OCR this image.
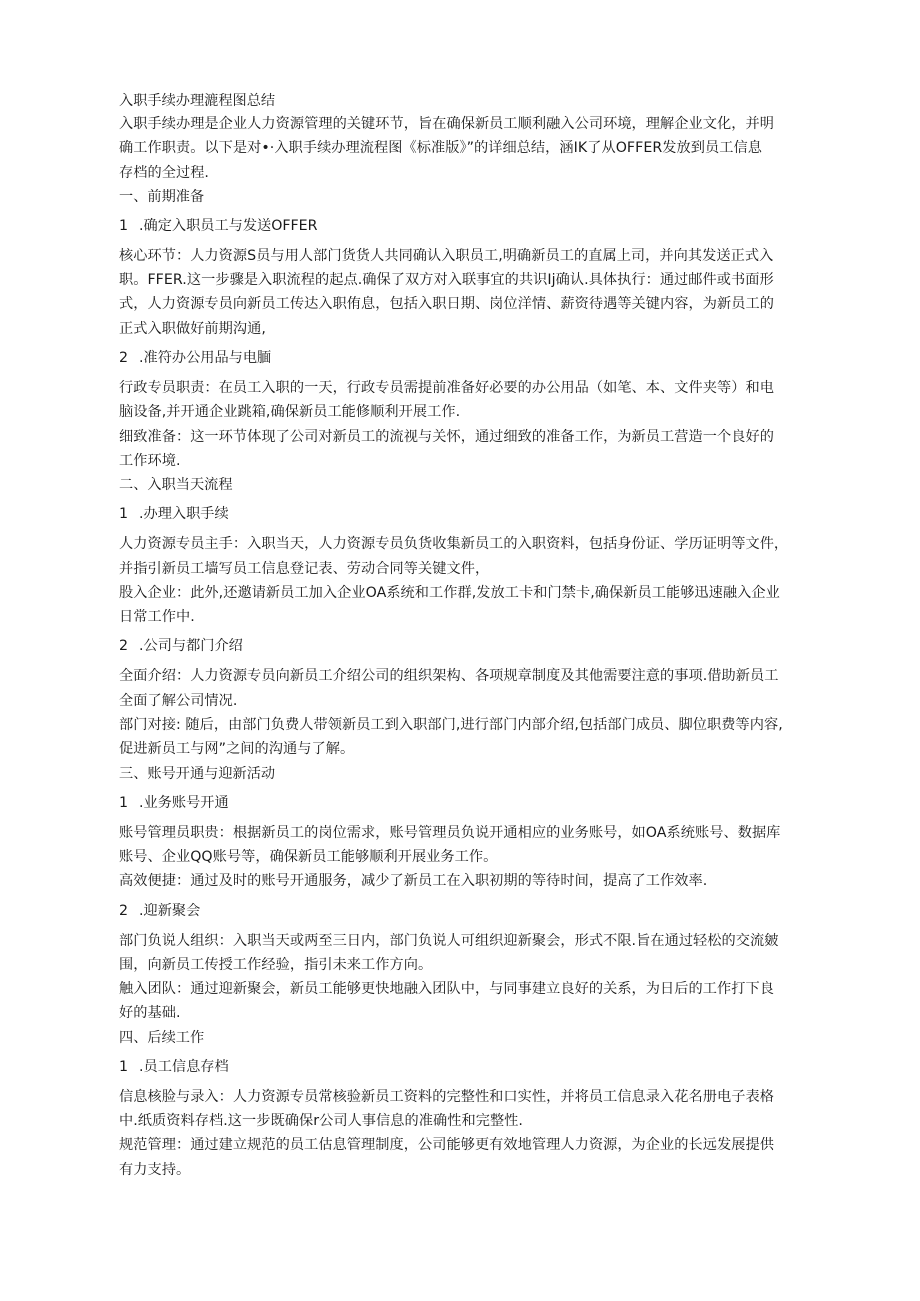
入职手续办理漉程图总结

入职手续办理是企业人力资源管理的关键环节，旨在确保新员工顺利融入公司环境，理解企业文化，并明

确工作职责。以下是对•·入职手续办理流程图《标准版》”的详细总结，涵IK了从OFFER发放到员工信息

存档的全过程.

一、前期准备

1 .确定入职员工与发送OFFER

核心环节：人力资源S员与用人部门货货人共同确认入职员工,明确新员工的直属上司，并向其发送正式入

职。FFER.这一步骤是入职流程的起点.确保了双方对入联事宜的共识Ij确认.具体执行：通过邮件或书面形

式，人力资源专员向新员工传达入职侑息，包括入职日期、岗位洋情、薪资待遇等关键内容，为新员工的

正式入职做好前期沟通,

2 .准符办公用品与电腼

行政专员职责：在员工入职的一天，行政专员需提前准备好必要的办公用品（如笔、本、文件夹等）和电

脑设备,并开通企业跳箱,确保新员工能修顺利开展工作.

细致准备：这一环节体现了公司对新员工的流视与关怀，通过细致的准备工作，为新员工营造一个良好的

工作环境.

二、入职当天流程

1 .办理入职手续

人力资源专员主手：入职当天，人力资源专员负货收集新员工的入职资料，包括身份证、学历证明等文件，

并指引新员工墙写员工信息登记表、劳动合同等关键文件，

股入企业：此外,还邀请新员工加入企业OA系统和工作群,发放工卡和门禁卡,确保新员工能够迅速融入企业

日常工作中.

2 .公司与都门介绍

全面介绍：人力资源专员向新员工介绍公司的组织架构、各项规章制度及其他需要注意的事项.借助新员工

全面了解公司情况.

部门对接: 随后，由部门负费人带领新员工到入职部门,进行部门内部介绍,包括部门成员、脚位职费等内容,

促进新员工与网”之间的沟通与了解。

三、账号开通与迎新活动

1 .业务账号开通

账号管理员职贵：根据新员工的岗位需求，账号管理员负说开通相应的业务账号，如OA系统账号、数据库

账号、企业QQ账号等，确保新员工能够顺利开展业务工作。

高效便捷：通过及时的账号开通服务，减少了新员工在入职初期的等待时间，提高了工作效率.

2 .迎新聚会

部门负说人组织：入职当天或两至三日内，部门负说人可组织迎新聚会，形式不限.旨在通过轻松的交流皴

围，向新员工传授工作经验，指引未来工作方向。

触入团队：通过迎新聚会，新员工能够更快地融入团队中，与同事建立良好的关系，为日后的工作打下良

好的基础.

四、后续工作

1 .员工信息存档

信息核脸与录入：人力资源专员常核验新员工资料的完整性和口实性，并将员工信息录入花名册电子表格

中.纸质资料存档.这一步既确保r公司人事信息的准确性和完整性.

规范管理：通过建立规范的员工估息管理制度，公司能够更有效地管理人力资源，为企业的长远发展提供

有力支持。
